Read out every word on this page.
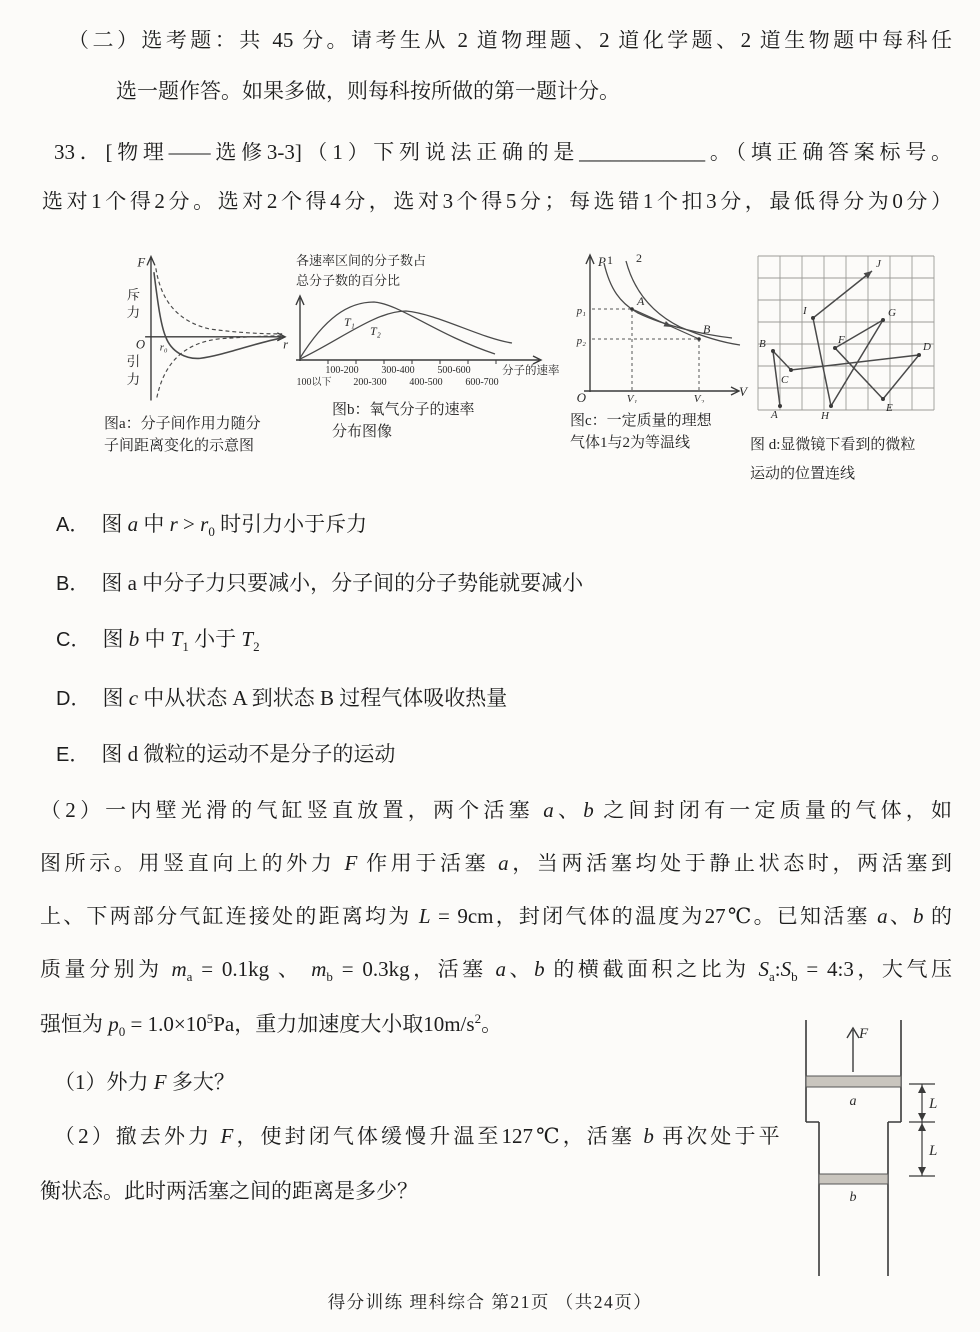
（二）选考题：共 45 分。请考生从 2 道物理题、2 道化学题、2 道生物题中每科任
选一题作答。如果多做，则每科按所做的第一题计分。
33．[物理——选修3-3]（1）下列说法正确的是____________。（填正确答案标号。
选对1个得2分。选对2个得4分，选对3个得5分；每选错1个扣3分，最低得分为0分）
F
斥
力
O
引
力
r
r₀
图a：分子间作用力随分
子间距离变化的示意图
各速率区间的分子数占
总分子数的百分比
T₁
T₂
100-200 300-400 500-600
100以下 200-300 400-500 600-700
分子的速率
图b：氧气分子的速率
分布图像
P 1 2
A
B
p₁
p₂
O	V₁	V₂	V
图c：一定质量的理想
气体1与2为等温线
A
B
C
D
E
F
G
H
I
J
图 d:显微镜下看到的微粒
运动的位置连线
A． 图 a 中 $r > r_0$ 时引力小于斥力
B． 图 a 中分子力只要减小，分子间的分子势能就要减小
C． 图 b 中 $T_1$ 小于 $T_2$
D． 图 c 中从状态 A 到状态 B 过程气体吸收热量
E． 图 d 微粒的运动不是分子的运动
（2）一内壁光滑的气缸竖直放置，两个活塞 a、b 之间封闭有一定质量的气体，如
图所示。用竖直向上的外力 F 作用于活塞 a，当两活塞均处于静止状态时，两活塞到
上、下两部分气缸连接处的距离均为 L = 9cm，封闭气体的温度为27℃。已知活塞 a、b 的
质量分别为 $m_a = 0.1kg$ 、 $m_b = 0.3kg$，活塞 a、b 的横截面积之比为 $S_a:S_b$ = 4:3，大气压
强恒为 $p_0 = 1.0\times 10^5Pa$，重力加速度大小取$10m/s^2$。
（1）外力 F 多大？
（2）撤去外力 F，使封闭气体缓慢升温至127℃，活塞 b 再次处于平
衡状态。此时两活塞之间的距离是多少？
F
a
b
L
L
得分训练 理科综合 第21页 （共24页）
